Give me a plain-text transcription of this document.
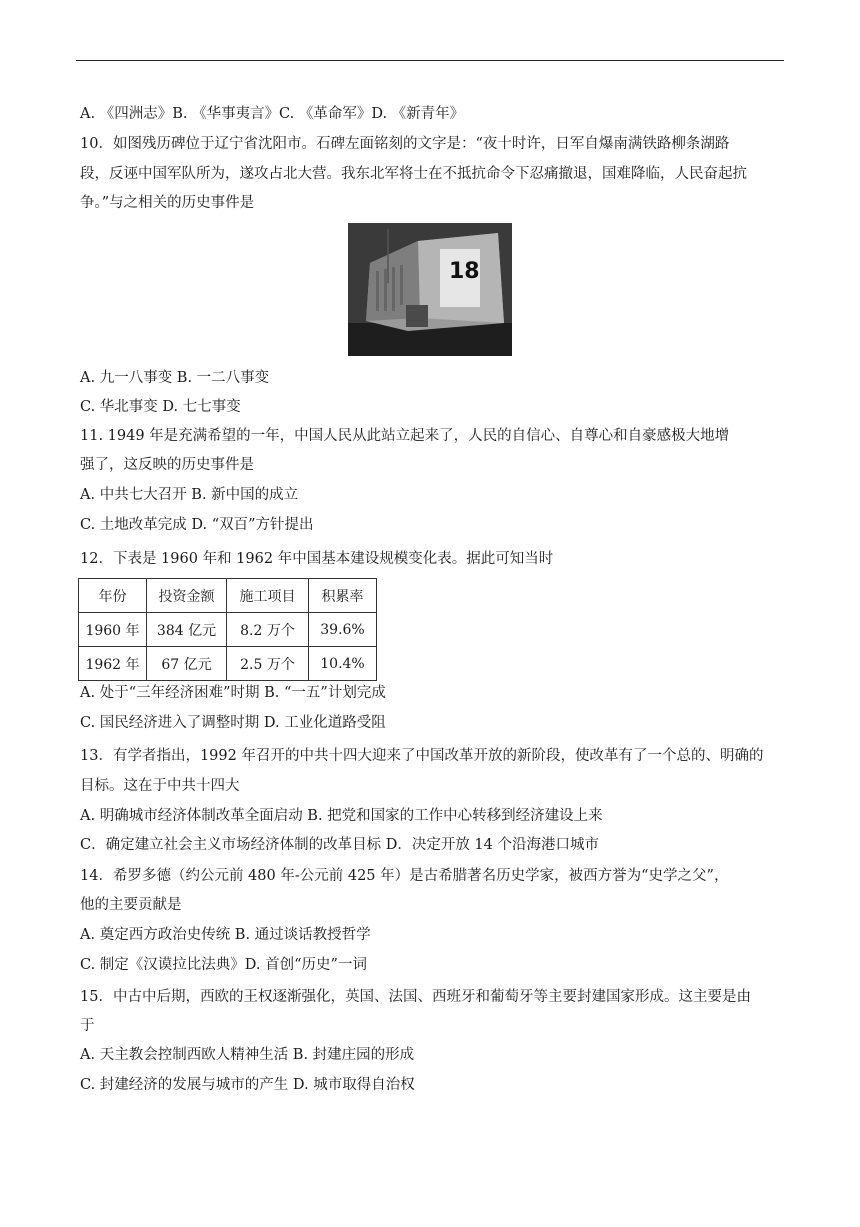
A. 《四洲志》B. 《华事夷言》C. 《革命军》D. 《新青年》
10．如图残历碑位于辽宁省沈阳市。石碑左面铭刻的文字是：“夜十时许，日军自爆南满铁路柳条湖路
段，反诬中国军队所为，遂攻占北大营。我东北军将士在不抵抗命令下忍痛撤退，国难降临，人民奋起抗
争。”与之相关的历史事件是
18
A. 九一八事变 B. 一二八事变
C. 华北事变 D. 七七事变
11. 1949 年是充满希望的一年，中国人民从此站立起来了，人民的自信心、自尊心和自豪感极大地增
强了，这反映的历史事件是
A. 中共七大召开 B. 新中国的成立
C. 土地改革完成 D. “双百”方针提出
12．下表是 1960 年和 1962 年中国基本建设规模变化表。据此可知当时
年份	投资金额	施工项目	积累率
1960 年	384 亿元	8.2 万个	39.6%
1962 年	67 亿元	2.5 万个	10.4%
A. 处于“三年经济困难”时期 B. “一五”计划完成
C. 国民经济进入了调整时期 D. 工业化道路受阻
13．有学者指出，1992 年召开的中共十四大迎来了中国改革开放的新阶段，使改革有了一个总的、明确的
目标。这在于中共十四大
A. 明确城市经济体制改革全面启动 B. 把党和国家的工作中心转移到经济建设上来
C．确定建立社会主义市场经济体制的改革目标 D．决定开放 14 个沿海港口城市
14．希罗多德（约公元前 480 年-公元前 425 年）是古希腊著名历史学家，被西方誉为“史学之父”，
他的主要贡献是
A. 奠定西方政治史传统 B. 通过谈话教授哲学
C. 制定《汉谟拉比法典》D. 首创“历史”一词
15．中古中后期，西欧的王权逐渐强化，英国、法国、西班牙和葡萄牙等主要封建国家形成。这主要是由
于
A. 天主教会控制西欧人精神生活 B. 封建庄园的形成
C. 封建经济的发展与城市的产生 D. 城市取得自治权
